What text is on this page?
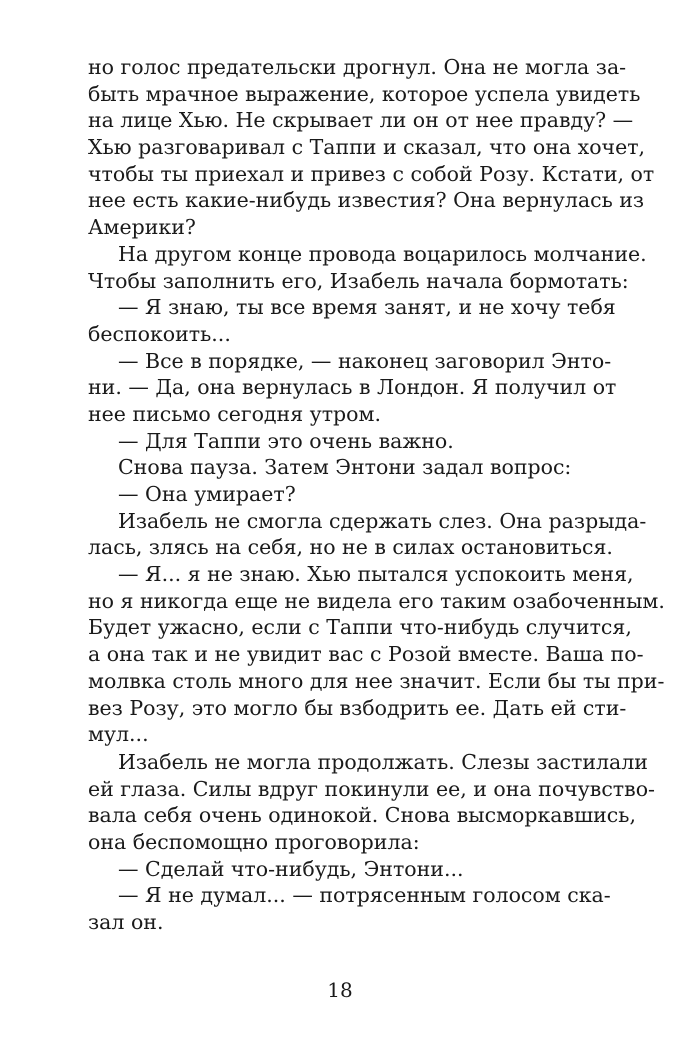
но голос предательски дрогнул. Она не могла за-
быть мрачное выражение, которое успела увидеть
на лице Хью. Не скрывает ли он от нее правду? —
Хью разговаривал с Таппи и сказал, что она хочет,
чтобы ты приехал и привез с собой Розу. Кстати, от
нее есть какие-нибудь известия? Она вернулась из
Америки?
На другом конце провода воцарилось молчание.
Чтобы заполнить его, Изабель начала бормотать:
— Я знаю, ты все время занят, и не хочу тебя
беспокоить...
— Все в порядке, — наконец заговорил Энто-
ни. — Да, она вернулась в Лондон. Я получил от
нее письмо сегодня утром.
— Для Таппи это очень важно.
Снова пауза. Затем Энтони задал вопрос:
— Она умирает?
Изабель не смогла сдержать слез. Она разрыда-
лась, злясь на себя, но не в силах остановиться.
— Я... я не знаю. Хью пытался успокоить меня,
но я никогда еще не видела его таким озабоченным.
Будет ужасно, если с Таппи что-нибудь случится,
а она так и не увидит вас с Розой вместе. Ваша по-
молвка столь много для нее значит. Если бы ты при-
вез Розу, это могло бы взбодрить ее. Дать ей сти-
мул...
Изабель не могла продолжать. Слезы застилали
ей глаза. Силы вдруг покинули ее, и она почувство-
вала себя очень одинокой. Снова высморкавшись,
она беспомощно проговорила:
— Сделай что-нибудь, Энтони...
— Я не думал... — потрясенным голосом ска-
зал он.
18
